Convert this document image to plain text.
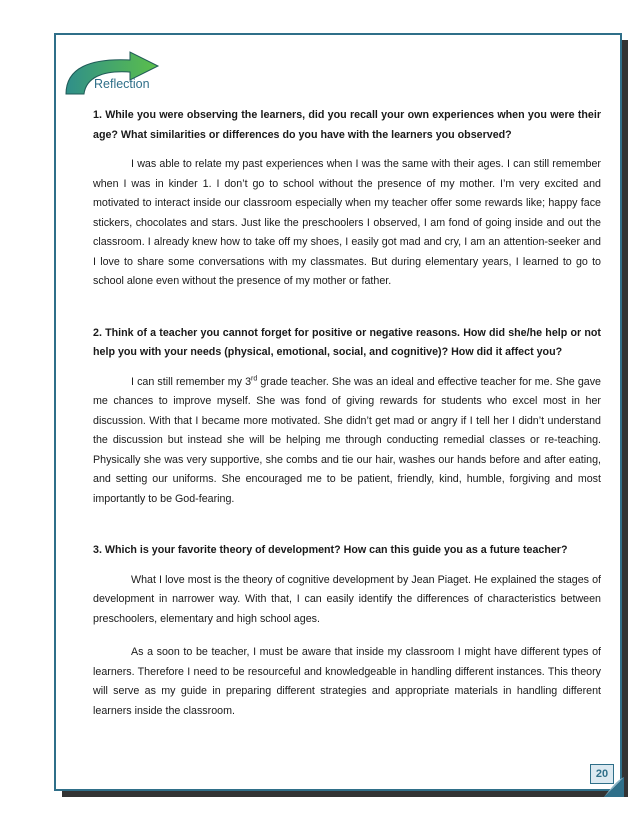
Reflection

1. While you were observing the learners, did you recall your own experiences when you were their age? What similarities or differences do you have with the learners you observed?

I was able to relate my past experiences when I was the same with their ages. I can still remember when I was in kinder 1. I don’t go to school without the presence of my mother. I’m very excited and motivated to interact inside our classroom especially when my teacher offer some rewards like; happy face stickers, chocolates and stars. Just like the preschoolers I observed, I am fond of going inside and out the classroom. I already knew how to take off my shoes, I easily got mad and cry, I am an attention-seeker and I love to share some conversations with my classmates. But during elementary years, I learned to go to school alone even without the presence of my mother or father.

2. Think of a teacher you cannot forget for positive or negative reasons. How did she/he help or not help you with your needs (physical, emotional, social, and cognitive)? How did it affect you?

I can still remember my 3rd grade teacher. She was an ideal and effective teacher for me. She gave me chances to improve myself. She was fond of giving rewards for students who excel most in her discussion. With that I became more motivated. She didn’t get mad or angry if I tell her I didn’t understand the discussion but instead she will be helping me through conducting remedial classes or re-teaching. Physically she was very supportive, she combs and tie our hair, washes our hands before and after eating, and setting our uniforms. She encouraged me to be patient, friendly, kind, humble, forgiving and most importantly to be God-fearing.

3. Which is your favorite theory of development? How can this guide you as a future teacher?

What I love most is the theory of cognitive development by Jean Piaget. He explained the stages of development in narrower way. With that, I can easily identify the differences of characteristics between preschoolers, elementary and high school ages.

As a soon to be teacher, I must be aware that inside my classroom I might have different types of learners. Therefore I need to be resourceful and knowledgeable in handling different instances. This theory will serve as my guide in preparing different strategies and appropriate materials in handling different learners inside the classroom.

20
